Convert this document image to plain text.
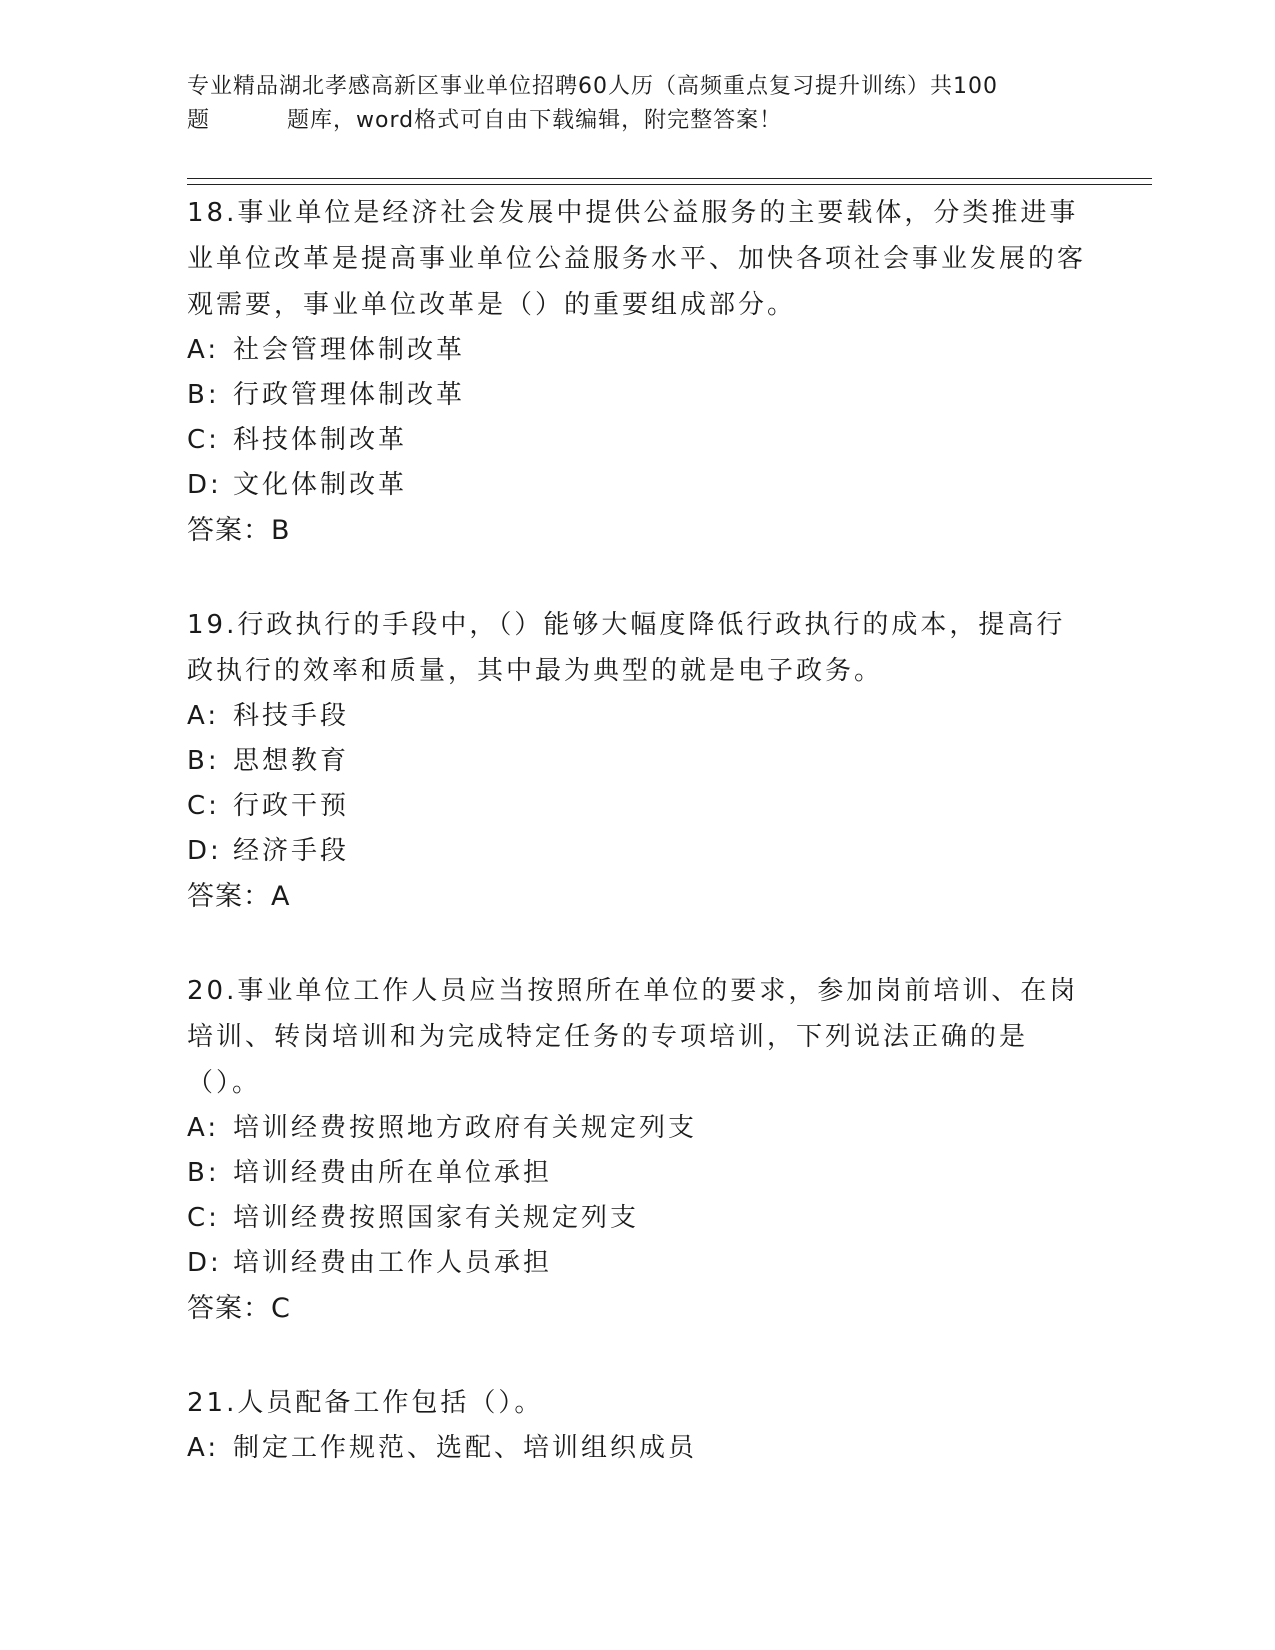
专业精品湖北孝感高新区事业单位招聘60人历（高频重点复习提升训练）共100
题	题库，word格式可自由下载编辑，附完整答案！
18.事业单位是经济社会发展中提供公益服务的主要载体，分类推进事业单位改革是提高事业单位公益服务水平、加快各项社会事业发展的客观需要，事业单位改革是（）的重要组成部分。
A: 社会管理体制改革
B: 行政管理体制改革
C: 科技体制改革
D: 文化体制改革
答案： B
19.行政执行的手段中，（）能够大幅度降低行政执行的成本，提高行政执行的效率和质量，其中最为典型的就是电子政务。
A: 科技手段
B: 思想教育
C: 行政干预
D: 经济手段
答案： A
20.事业单位工作人员应当按照所在单位的要求，参加岗前培训、在岗培训、转岗培训和为完成特定任务的专项培训，下列说法正确的是（）。
A: 培训经费按照地方政府有关规定列支
B: 培训经费由所在单位承担
C: 培训经费按照国家有关规定列支
D: 培训经费由工作人员承担
答案： C
21.人员配备工作包括（）。
A: 制定工作规范、选配、培训组织成员
